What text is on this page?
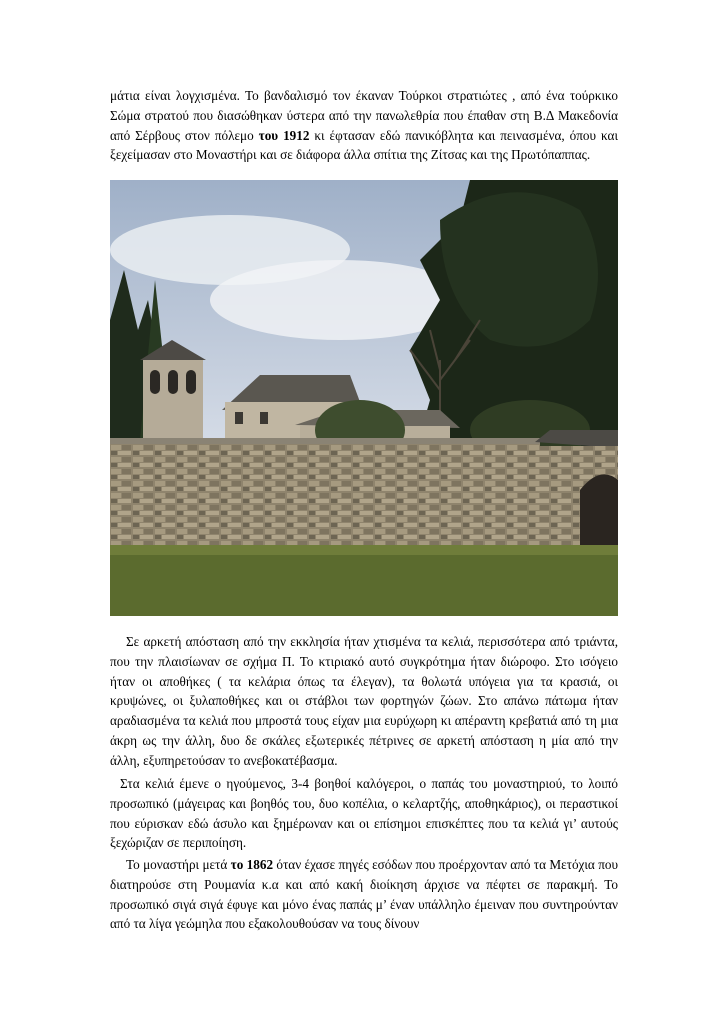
μάτια είναι λογχισμένα. Το βανδαλισμό τον έκαναν Τούρκοι στρατιώτες , από ένα τούρκικο Σώμα στρατού που διασώθηκαν ύστερα από την πανωλεθρία που έπαθαν στη Β.Δ Μακεδονία από Σέρβους στον πόλεμο του 1912 κι έφτασαν εδώ πανικόβλητα και πεινασμένα, όπου και ξεχείμασαν στο Μοναστήρι και σε διάφορα άλλα σπίτια της Ζίτσας και της Πρωτόπαππας.

Σε αρκετή απόσταση από την εκκλησία ήταν χτισμένα τα κελιά, περισσότερα από τριάντα, που την πλαισίωναν σε σχήμα Π. Το κτιριακό αυτό συγκρότημα ήταν διώροφο. Στο ισόγειο ήταν οι αποθήκες ( τα κελάρια όπως τα έλεγαν), τα θολωτά υπόγεια για τα κρασιά, οι κρυψώνες, οι ξυλαποθήκες και οι στάβλοι των φορτηγών ζώων. Στο απάνω πάτωμα ήταν αραδιασμένα τα κελιά που μπροστά τους είχαν μια ευρύχωρη κι απέραντη κρεβατιά από τη μια άκρη ως την άλλη, δυο δε σκάλες εξωτερικές πέτρινες σε αρκετή απόσταση η μία από την άλλη, εξυπηρετούσαν το ανεβοκατέβασμα.

Στα κελιά έμενε ο ηγούμενος, 3-4 βοηθοί καλόγεροι, ο παπάς του μοναστηριού, το λοιπό προσωπικό (μάγειρας και βοηθός του, δυο κοπέλια, ο κελαρτζής, αποθηκάριος), οι περαστικοί που εύρισκαν εδώ άσυλο και ξημέρωναν και οι επίσημοι επισκέπτες που τα κελιά γι’ αυτούς ξεχώριζαν σε περιποίηση.

Το μοναστήρι μετά το 1862 όταν έχασε πηγές εσόδων που προέρχονταν από τα Μετόχια που διατηρούσε στη Ρουμανία κ.α και από κακή διοίκηση άρχισε να πέφτει σε παρακμή. Το προσωπικό σιγά σιγά έφυγε και μόνο ένας παπάς μ’ έναν υπάλληλο έμειναν που συντηρούνταν από τα λίγα γεώμηλα που εξακολουθούσαν να τους δίνουν
